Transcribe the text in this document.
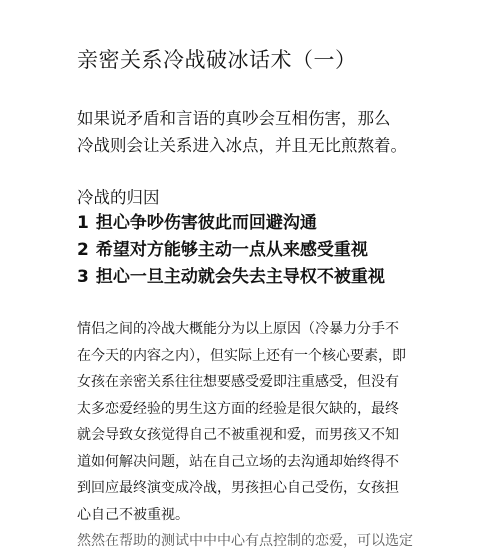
亲密关系冷战破冰话术（一）

如果说矛盾和言语的真吵会互相伤害，那么

冷战则会让关系进入冰点，并且无比煎熬着。

冷战的归因
1 担心争吵伤害彼此而回避沟通
2 希望对方能够主动一点从来感受重视
3 担心一旦主动就会失去主导权不被重视
情侣之间的冷战大概能分为以上原因（冷暴力分手不
在今天的内容之内），但实际上还有一个核心要素，即
女孩在亲密关系往往想要感受爱即注重感受，但没有
太多恋爱经验的男生这方面的经验是很欠缺的，最终
就会导致女孩觉得自己不被重视和爱，而男孩又不知
道如何解决问题，站在自己立场的去沟通却始终得不
到回应最终演变成冷战，男孩担心自己受伤，女孩担
心自己不被重视。
然然在帮助的测试中中中心有点控制的恋爱，可以选定
